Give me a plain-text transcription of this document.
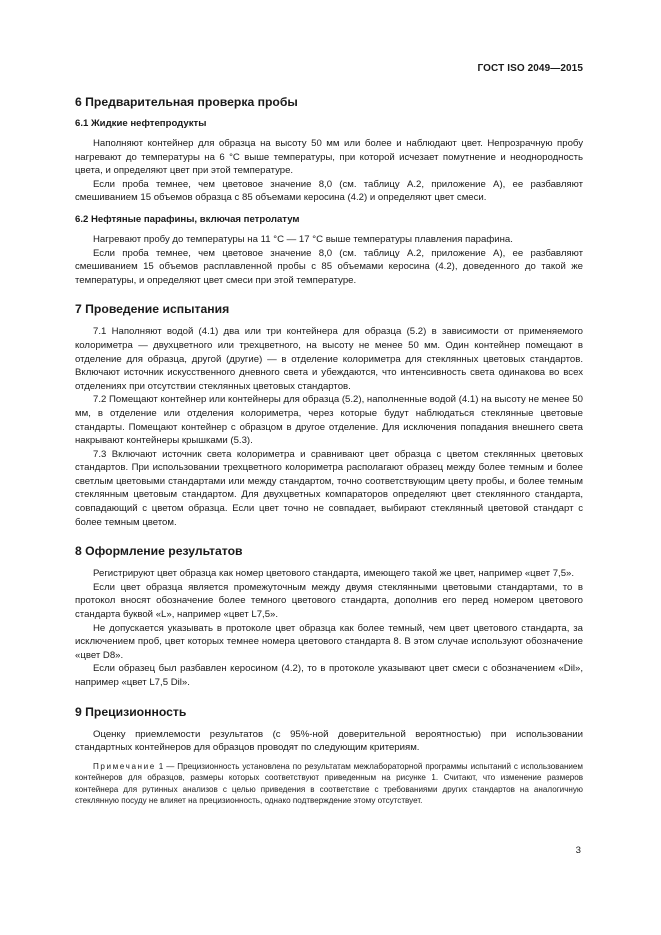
ГОСТ ISO 2049—2015
6 Предварительная проверка пробы
6.1 Жидкие нефтепродукты

Наполняют контейнер для образца на высоту 50 мм или более и наблюдают цвет. Непрозрачную пробу нагревают до температуры на 6 °C выше температуры, при которой исчезает помутнение и неоднородность цвета, и определяют цвет при этой температуре.

Если проба темнее, чем цветовое значение 8,0 (см. таблицу А.2, приложение А), ее разбавляют смешиванием 15 объемов образца с 85 объемами керосина (4.2) и определяют цвет смеси.

6.2 Нефтяные парафины, включая петролатум

Нагревают пробу до температуры на 11 °C — 17 °C выше температуры плавления парафина.

Если проба темнее, чем цветовое значение 8,0 (см. таблицу А.2, приложение А), ее разбавляют смешиванием 15 объемов расплавленной пробы с 85 объемами керосина (4.2), доведенного до такой же температуры, и определяют цвет смеси при этой температуре.

7 Проведение испытания

7.1 Наполняют водой (4.1) два или три контейнера для образца (5.2) в зависимости от применяемого колориметра — двухцветного или трехцветного, на высоту не менее 50 мм. Один контейнер помещают в отделение для образца, другой (другие) — в отделение колориметра для стеклянных цветовых стандартов. Включают источник искусственного дневного света и убеждаются, что интенсивность света одинакова во всех отделениях при отсутствии стеклянных цветовых стандартов.

7.2 Помещают контейнер или контейнеры для образца (5.2), наполненные водой (4.1) на высоту не менее 50 мм, в отделение или отделения колориметра, через которые будут наблюдаться стеклянные цветовые стандарты. Помещают контейнер с образцом в другое отделение. Для исключения попадания внешнего света накрывают контейнеры крышками (5.3).

7.3 Включают источник света колориметра и сравнивают цвет образца с цветом стеклянных цветовых стандартов. При использовании трехцветного колориметра располагают образец между более темным и более светлым цветовыми стандартами или между стандартом, точно соответствующим цвету пробы, и более темным стеклянным цветовым стандартом. Для двухцветных компараторов определяют цвет стеклянного стандарта, совпадающий с цветом образца. Если цвет точно не совпадает, выбирают стеклянный цветовой стандарт с более темным цветом.

8 Оформление результатов

Регистрируют цвет образца как номер цветового стандарта, имеющего такой же цвет, например «цвет 7,5».

Если цвет образца является промежуточным между двумя стеклянными цветовыми стандартами, то в протокол вносят обозначение более темного цветового стандарта, дополнив его перед номером цветового стандарта буквой «L», например «цвет L7,5».

Не допускается указывать в протоколе цвет образца как более темный, чем цвет цветового стандарта, за исключением проб, цвет которых темнее номера цветового стандарта 8. В этом случае используют обозначение «цвет D8».

Если образец был разбавлен керосином (4.2), то в протоколе указывают цвет смеси с обозначением «Dil», например «цвет L7,5 Dil».

9 Прецизионность

Оценку приемлемости результатов (с 95%-ной доверительной вероятностью) при использовании стандартных контейнеров для образцов проводят по следующим критериям.

Примечание 1 — Прецизионность установлена по результатам межлабораторной программы испытаний с использованием контейнеров для образцов, размеры которых соответствуют приведенным на рисунке 1. Считают, что изменение размеров контейнера для рутинных анализов с целью приведения в соответствие с требованиями других стандартов на аналогичную стеклянную посуду не влияет на прецизионность, однако подтверждение этому отсутствует.

3
